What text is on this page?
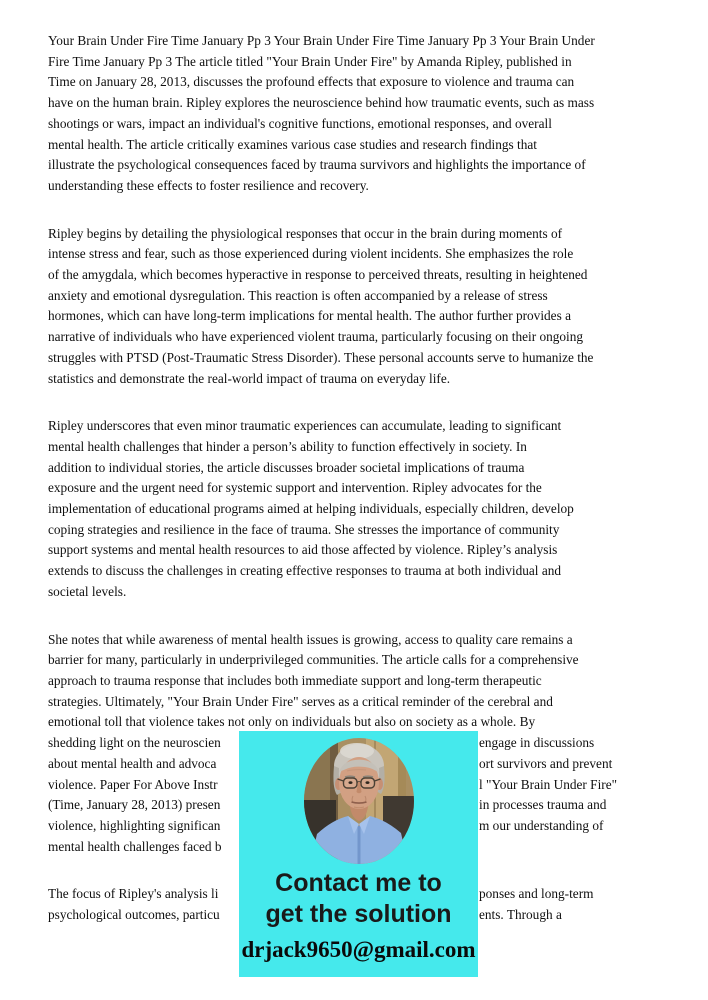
Your Brain Under Fire Time January Pp 3 Your Brain Under Fire Time January Pp 3 Your Brain Under
Fire Time January Pp 3 The article titled "Your Brain Under Fire" by Amanda Ripley, published in
Time on January 28, 2013, discusses the profound effects that exposure to violence and trauma can
have on the human brain. Ripley explores the neuroscience behind how traumatic events, such as mass
shootings or wars, impact an individual's cognitive functions, emotional responses, and overall
mental health. The article critically examines various case studies and research findings that
illustrate the psychological consequences faced by trauma survivors and highlights the importance of
understanding these effects to foster resilience and recovery.
Ripley begins by detailing the physiological responses that occur in the brain during moments of
intense stress and fear, such as those experienced during violent incidents. She emphasizes the role
of the amygdala, which becomes hyperactive in response to perceived threats, resulting in heightened
anxiety and emotional dysregulation. This reaction is often accompanied by a release of stress
hormones, which can have long-term implications for mental health. The author further provides a
narrative of individuals who have experienced violent trauma, particularly focusing on their ongoing
struggles with PTSD (Post-Traumatic Stress Disorder). These personal accounts serve to humanize the
statistics and demonstrate the real-world impact of trauma on everyday life.
Ripley underscores that even minor traumatic experiences can accumulate, leading to significant
mental health challenges that hinder a person’s ability to function effectively in society. In
addition to individual stories, the article discusses broader societal implications of trauma
exposure and the urgent need for systemic support and intervention. Ripley advocates for the
implementation of educational programs aimed at helping individuals, especially children, develop
coping strategies and resilience in the face of trauma. She stresses the importance of community
support systems and mental health resources to aid those affected by violence. Ripley’s analysis
extends to discuss the challenges in creating effective responses to trauma at both individual and
societal levels.
She notes that while awareness of mental health issues is growing, access to quality care remains a
barrier for many, particularly in underprivileged communities. The article calls for a comprehensive
approach to trauma response that includes both immediate support and long-term therapeutic
strategies. Ultimately, "Your Brain Under Fire" serves as a critical reminder of the cerebral and
emotional toll that violence takes not only on individuals but also on society as a whole. By
shedding light on the neuroscien	engage in discussions
about mental health and advoca	ort survivors and prevent
violence. Paper For Above Instr	l "Your Brain Under Fire"
(Time, January 28, 2013) presen	in processes trauma and
violence, highlighting significan	m our understanding of
mental health challenges faced b
The focus of Ripley's analysis li	ponses and long-term
psychological outcomes, particu	ents. Through a
Contact me to
get the solution
drjack9650@gmail.com
